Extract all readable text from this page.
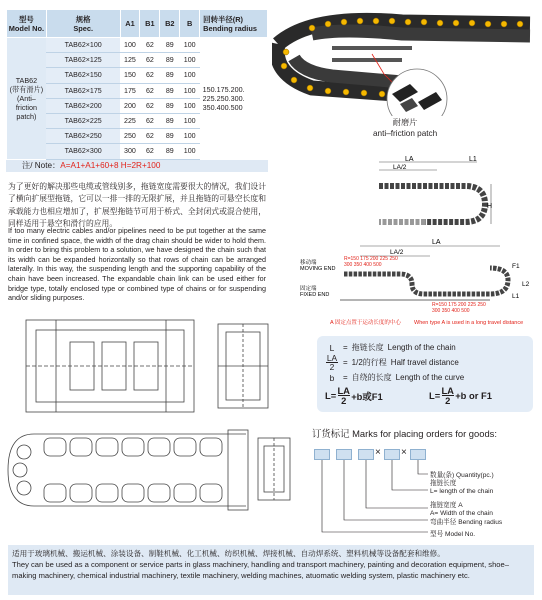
型号
Model No.	规格
Spec.	A1	B1	B2	B	回转半径(R)
Bending radius
TAB62
(带有滑片)
(Anti–friction
patch)	TAB62×100	100	62	89	100	150.175.200.
225.250.300.
350.400.500
	TAB62×125	125	62	89	100	
	TAB62×150	150	62	89	100	
	TAB62×175	175	62	89	100	
	TAB62×200	200	62	89	100	
	TAB62×225	225	62	89	100	
	TAB62×250	250	62	89	100	
	TAB62×300	300	62	89	100	
注/ Note：A=A1+A1+60+8 H=2R+100
为了更好的解决那些电缆或管线别多，拖链宽度需要很大的情况，我们设计了横向扩展型拖链，它可以一排一排的无限扩展，并且拖链的可悬空长度和承载能力也相应增加了，扩展型拖链节可用于桥式、全封闭式或混合使用，同样适用于悬空和滑行的应用。
If too many electric cables and/or pipelines need to be put together at the same time in confined space, the width of the drag chain should be wider to hold them. In order to bring this problem to a solution, we have designed the chain such that its width can be expanded horizontally so that rows of chain can be arranged laterally. In this way, the suspending length and the supporting capability of the chain have been increased. The expandable chain link can be used either for bridge type, totally enclosed type or combined type of chains or for suspending and/or sliding purposes.
耐磨片
anti–friction patch
LA	L1
LA/2
H
LA
LA/2
移动端
MOVING END
固定端
FIXED END
R=150 175 200 225 250
300 350 400 500
R=150 175 200 225 250
300 350 400 500
F1
L2
L1
A 固定点置于运动长度的中心 When type A is used in a long travel distance
L	= 拖链长度 Length of the chain
$\frac{LA}{2} = 1/2$的行程 Half travel distance
b	= 自绕的长度 Length of the curve
$L= \frac{LA}{2} +b$或F1	$L= \frac{LA}{2} +b$ or F1
订货标记 Marks for placing orders for goods:
× ×
数量(条) Quantity(pc.)
拖链长度
L= length of the chain
拖链宽度 A
A= Width of the chain
弯曲半径 Bending radius
型号 Model No.
适用于玻璃机械、搬运机械、涂装设备、制鞋机械、化工机械、纺织机械、焊接机械、自动焊系统、塑料机械等设备配套和维修。
They can be used as a component or service parts in glass machinery, handling and transport machinery, painting and decoration equipment, shoe–making machinery, chemical industrial machinery, textile machinery, welding machines, atuomatic welding system, plastic machinery etc.
